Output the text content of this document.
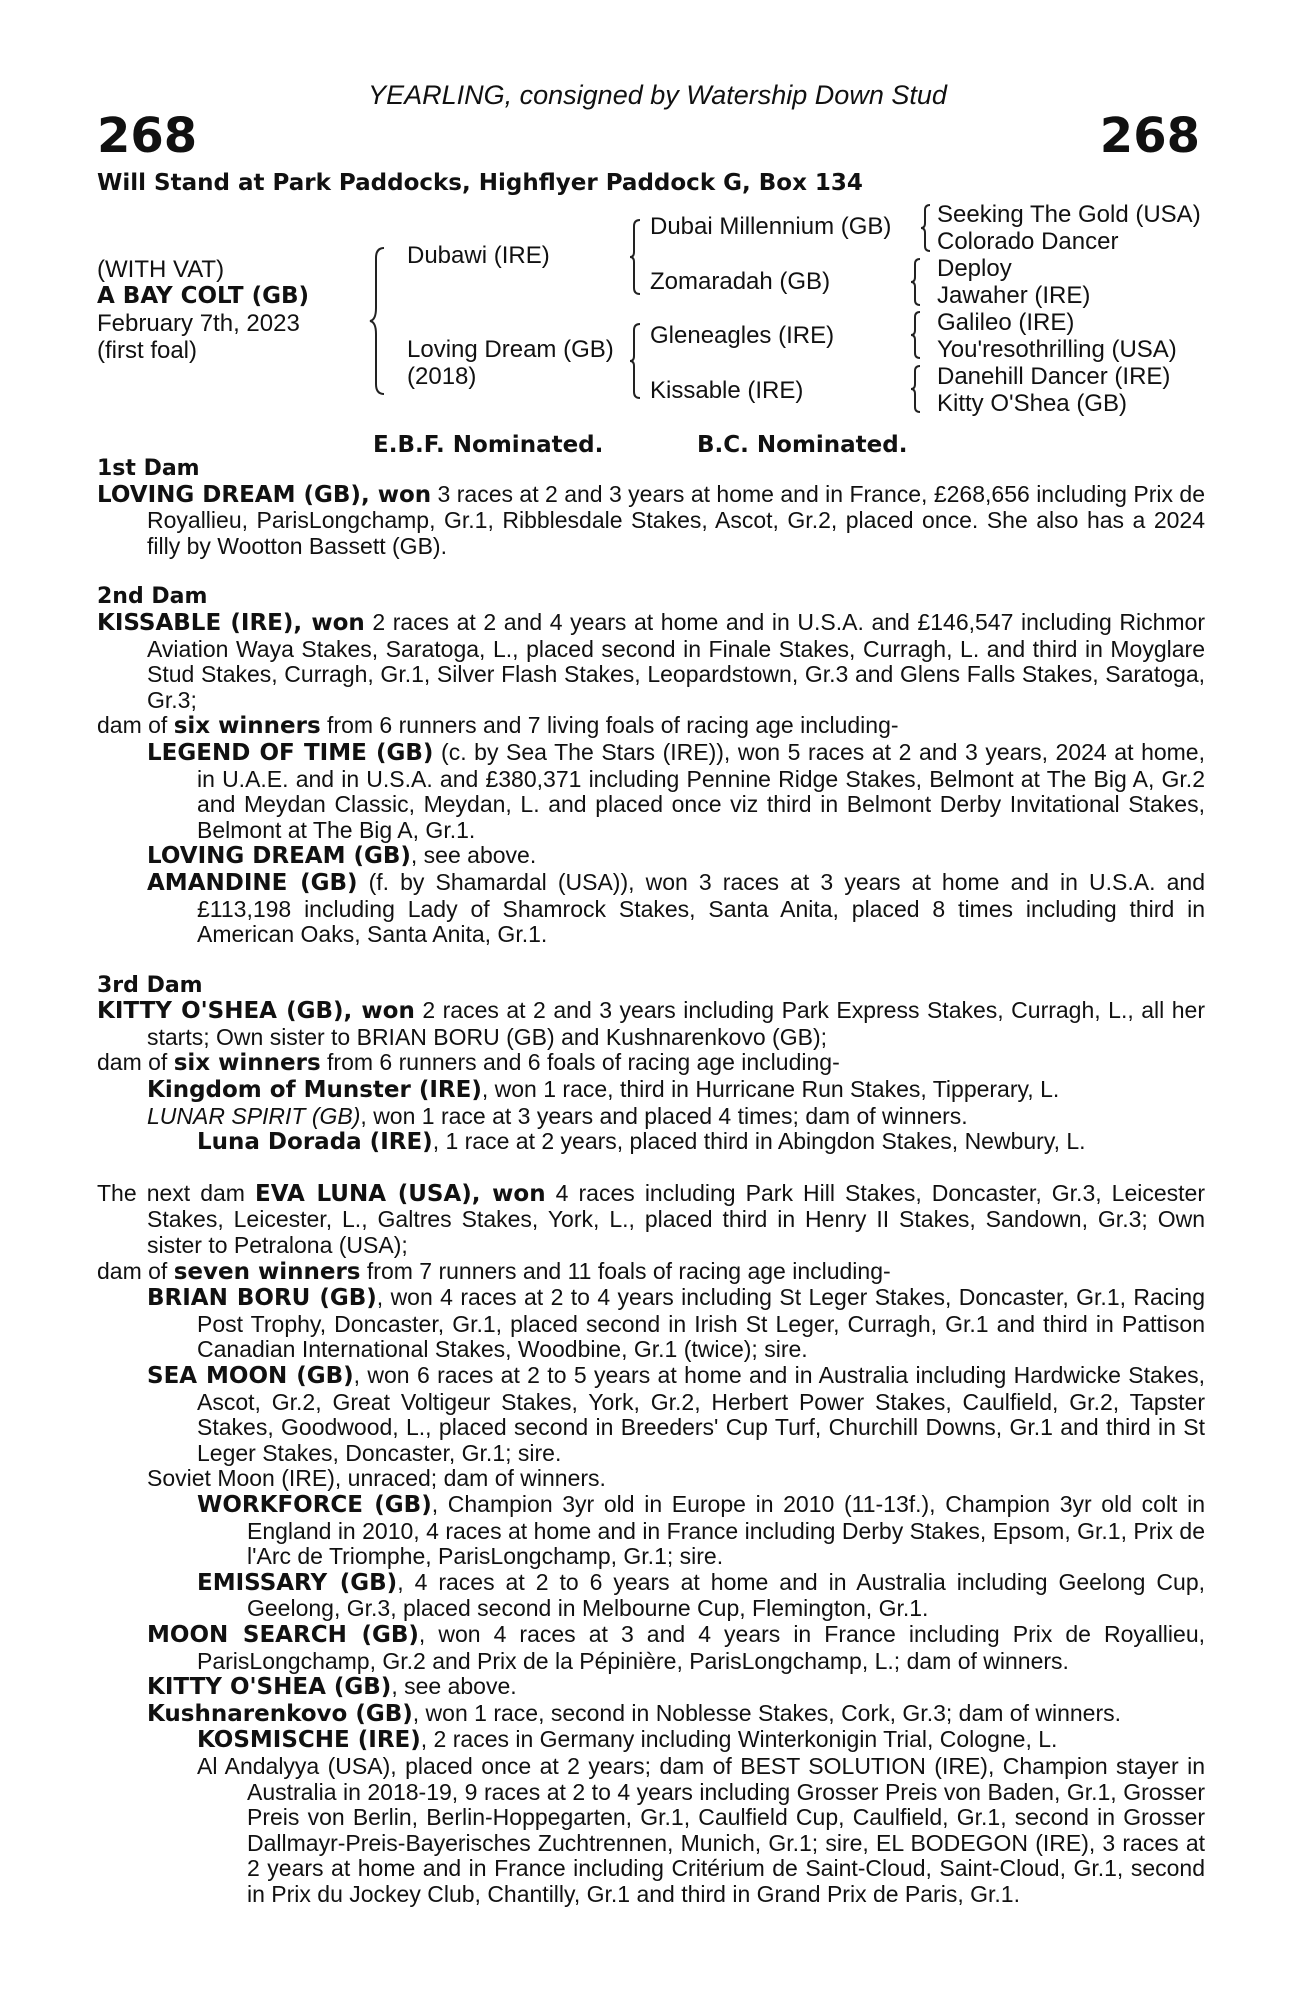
YEARLING, consigned by Watership Down Stud
268	268
Will Stand at Park Paddocks, Highflyer Paddock G, Box 134
(WITH VAT)
A BAY COLT (GB)
February 7th, 2023
(first foal)
Dubawi (IRE)
Loving Dream (GB)
(2018)
Dubai Millennium (GB)
Zomaradah (GB)
Gleneagles (IRE)
Kissable (IRE)
Seeking The Gold (USA)
Colorado Dancer
Deploy
Jawaher (IRE)
Galileo (IRE)
You'resothrilling (USA)
Danehill Dancer (IRE)
Kitty O'Shea (GB)
E.B.F. Nominated.	B.C. Nominated.

1st Dam

LOVING DREAM (GB), won 3 races at 2 and 3 years at home and in France, £268,656 including Prix de Royallieu, ParisLongchamp, Gr.1, Ribblesdale Stakes, Ascot, Gr.2, placed once. She also has a 2024 filly by Wootton Bassett (GB).

2nd Dam

KISSABLE (IRE), won 2 races at 2 and 4 years at home and in U.S.A. and £146,547 including Richmor Aviation Waya Stakes, Saratoga, L., placed second in Finale Stakes, Curragh, L. and third in Moyglare Stud Stakes, Curragh, Gr.1, Silver Flash Stakes, Leopardstown, Gr.3 and Glens Falls Stakes, Saratoga, Gr.3;

dam of six winners from 6 runners and 7 living foals of racing age including-

LEGEND OF TIME (GB) (c. by Sea The Stars (IRE)), won 5 races at 2 and 3 years, 2024 at home, in U.A.E. and in U.S.A. and £380,371 including Pennine Ridge Stakes, Belmont at The Big A, Gr.2 and Meydan Classic, Meydan, L. and placed once viz third in Belmont Derby Invitational Stakes, Belmont at The Big A, Gr.1.

LOVING DREAM (GB), see above.

AMANDINE (GB) (f. by Shamardal (USA)), won 3 races at 3 years at home and in U.S.A. and £113,198 including Lady of Shamrock Stakes, Santa Anita, placed 8 times including third in American Oaks, Santa Anita, Gr.1.

3rd Dam

KITTY O'SHEA (GB), won 2 races at 2 and 3 years including Park Express Stakes, Curragh, L., all her starts; Own sister to BRIAN BORU (GB) and Kushnarenkovo (GB);

dam of six winners from 6 runners and 6 foals of racing age including-

Kingdom of Munster (IRE), won 1 race, third in Hurricane Run Stakes, Tipperary, L.

LUNAR SPIRIT (GB), won 1 race at 3 years and placed 4 times; dam of winners.

Luna Dorada (IRE), 1 race at 2 years, placed third in Abingdon Stakes, Newbury, L.

The next dam EVA LUNA (USA), won 4 races including Park Hill Stakes, Doncaster, Gr.3, Leicester Stakes, Leicester, L., Galtres Stakes, York, L., placed third in Henry II Stakes, Sandown, Gr.3; Own sister to Petralona (USA);

dam of seven winners from 7 runners and 11 foals of racing age including-

BRIAN BORU (GB), won 4 races at 2 to 4 years including St Leger Stakes, Doncaster, Gr.1, Racing Post Trophy, Doncaster, Gr.1, placed second in Irish St Leger, Curragh, Gr.1 and third in Pattison Canadian International Stakes, Woodbine, Gr.1 (twice); sire.

SEA MOON (GB), won 6 races at 2 to 5 years at home and in Australia including Hardwicke Stakes, Ascot, Gr.2, Great Voltigeur Stakes, York, Gr.2, Herbert Power Stakes, Caulfield, Gr.2, Tapster Stakes, Goodwood, L., placed second in Breeders' Cup Turf, Churchill Downs, Gr.1 and third in St Leger Stakes, Doncaster, Gr.1; sire.

Soviet Moon (IRE), unraced; dam of winners.

WORKFORCE (GB), Champion 3yr old in Europe in 2010 (11-13f.), Champion 3yr old colt in England in 2010, 4 races at home and in France including Derby Stakes, Epsom, Gr.1, Prix de l'Arc de Triomphe, ParisLongchamp, Gr.1; sire.

EMISSARY (GB), 4 races at 2 to 6 years at home and in Australia including Geelong Cup, Geelong, Gr.3, placed second in Melbourne Cup, Flemington, Gr.1.

MOON SEARCH (GB), won 4 races at 3 and 4 years in France including Prix de Royallieu, ParisLongchamp, Gr.2 and Prix de la Pépinière, ParisLongchamp, L.; dam of winners.

KITTY O'SHEA (GB), see above.

Kushnarenkovo (GB), won 1 race, second in Noblesse Stakes, Cork, Gr.3; dam of winners.

KOSMISCHE (IRE), 2 races in Germany including Winterkonigin Trial, Cologne, L.

Al Andalyya (USA), placed once at 2 years; dam of BEST SOLUTION (IRE), Champion stayer in Australia in 2018-19, 9 races at 2 to 4 years including Grosser Preis von Baden, Gr.1, Grosser Preis von Berlin, Berlin-Hoppegarten, Gr.1, Caulfield Cup, Caulfield, Gr.1, second in Grosser Dallmayr-Preis-Bayerisches Zuchtrennen, Munich, Gr.1; sire, EL BODEGON (IRE), 3 races at 2 years at home and in France including Critérium de Saint-Cloud, Saint-Cloud, Gr.1, second in Prix du Jockey Club, Chantilly, Gr.1 and third in Grand Prix de Paris, Gr.1.
